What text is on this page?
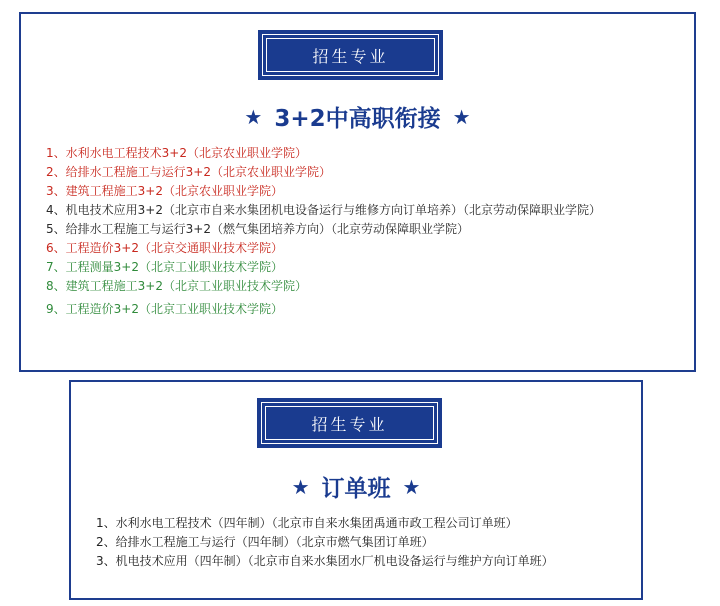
招生专业
★ 3+2中高职衔接 ★
1、水利水电工程技术3+2（北京农业职业学院）
2、给排水工程施工与运行3+2（北京农业职业学院）
3、建筑工程施工3+2（北京农业职业学院）
4、机电技术应用3+2（北京市自来水集团机电设备运行与维修方向订单培养）（北京劳动保障职业学院）
5、给排水工程施工与运行3+2（燃气集团培养方向）（北京劳动保障职业学院）
6、工程造价3+2（北京交通职业技术学院）
7、工程测量3+2（北京工业职业技术学院）
8、建筑工程施工3+2（北京工业职业技术学院）
9、工程造价3+2（北京工业职业技术学院）
招生专业
★ 订单班 ★
1、水利水电工程技术（四年制）（北京市自来水集团禹通市政工程公司订单班）
2、给排水工程施工与运行（四年制）（北京市燃气集团订单班）
3、机电技术应用（四年制）（北京市自来水集团水厂机电设备运行与维护方向订单班）
